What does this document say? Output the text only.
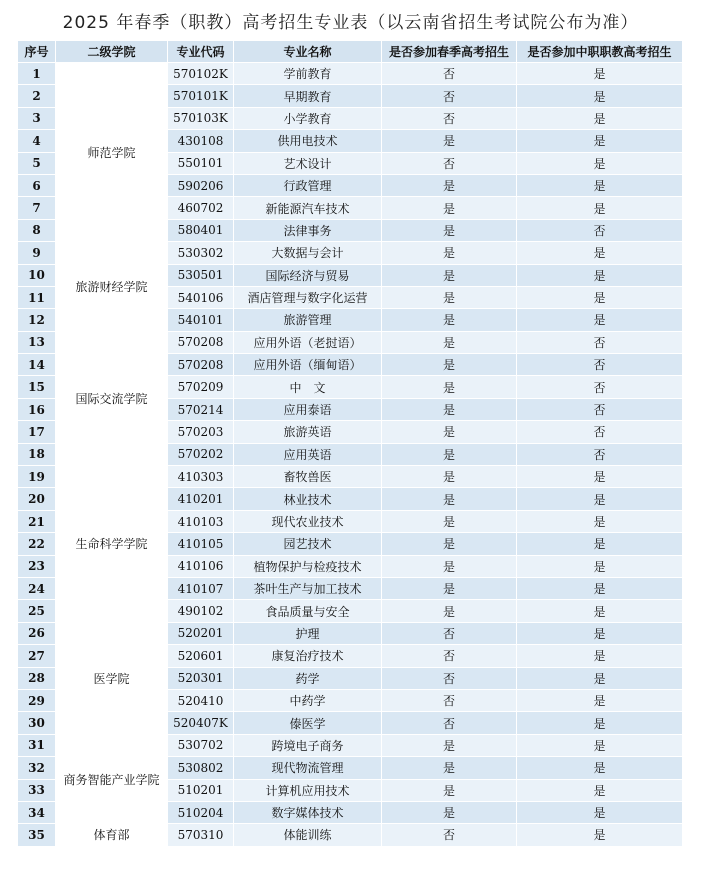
2025 年春季（职教）高考招生专业表（以云南省招生考试院公布为准）
序号	二级学院	专业代码	专业名称	是否参加春季高考招生	是否参加中职职教高考招生
1	师范学院	570102K	学前教育	否	是
2		570101K	早期教育	否	是
3		570103K	小学教育	否	是
4		430108	供用电技术	是	是
5		550101	艺术设计	否	是
6		590206	行政管理	是	是
7		460702	新能源汽车技术	是	是
8		580401	法律事务	是	否
9	旅游财经学院	530302	大数据与会计	是	是
10		530501	国际经济与贸易	是	是
11		540106	酒店管理与数字化运营	是	是
12		540101	旅游管理	是	是
13	国际交流学院	570208	应用外语（老挝语）	是	否
14		570208	应用外语（缅甸语）	是	否
15		570209	中　文	是	否
16		570214	应用泰语	是	否
17		570203	旅游英语	是	否
18		570202	应用英语	是	否
19	生命科学学院	410303	畜牧兽医	是	是
20		410201	林业技术	是	是
21		410103	现代农业技术	是	是
22		410105	园艺技术	是	是
23		410106	植物保护与检疫技术	是	是
24		410107	茶叶生产与加工技术	是	是
25		490102	食品质量与安全	是	是
26	医学院	520201	护理	否	是
27		520601	康复治疗技术	否	是
28		520301	药学	否	是
29		520410	中药学	否	是
30		520407K	傣医学	否	是
31	商务智能产业学院	530702	跨境电子商务	是	是
32		530802	现代物流管理	是	是
33		510201	计算机应用技术	是	是
34		510204	数字媒体技术	是	是
35	体育部	570310	体能训练	否	是
